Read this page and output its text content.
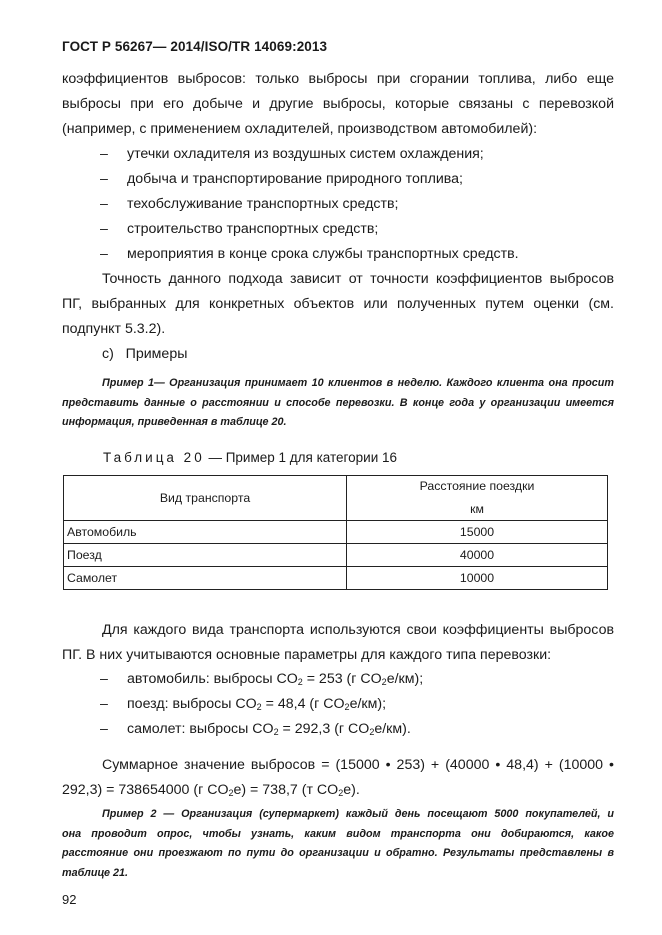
ГОСТ Р 56267— 2014/ISO/TR 14069:2013
коэффициентов выбросов: только выбросы при сгорании топлива, либо еще
выбросы при его добыче и другие выбросы, которые связаны с перевозкой
(например, с применением охладителей, производством автомобилей):
– утечки охладителя из воздушных систем охлаждения;
– добыча и транспортирование природного топлива;
– техобслуживание транспортных средств;
– строительство транспортных средств;
– мероприятия в конце срока службы транспортных средств.
Точность данного подхода зависит от точности коэффициентов выбросов
ПГ, выбранных для конкретных объектов или полученных путем оценки (см.
подпункт 5.3.2).
с) Примеры
Пример 1— Организация принимает 10 клиентов в неделю. Каждого клиента она просит
представить данные о расстоянии и способе перевозки. В конце года у организации имеется
информация, приведенная в таблице 20.
Таблица 20 — Пример 1 для категории 16
Вид транспорта	Расстояние поездки
км

Автомобиль	15000
Поезд	40000
Самолет	10000
Для каждого вида транспорта используются свои коэффициенты выбросов
ПГ. В них учитываются основные параметры для каждого типа перевозки:
– автомобиль: выбросы $CO_2 = 253$ (г $CO_2е/км$);
– поезд: выбросы $CO_2 = 48,4$ (г $CO_2е/км$);
– самолет: выбросы $CO_2 = 292,3$ (г $CO_2е/км$).
Суммарное значение выбросов = (15000 • 253) + (40000 • 48,4) + (10000 •
292,3) = 738654000 (г $CO_2е) = 738,7$ (т $CO_2е$).
Пример 2 — Организация (супермаркет) каждый день посещают 5000 покупателей, и
она проводит опрос, чтобы узнать, каким видом транспорта они добираются, какое
расстояние они проезжают по пути до организации и обратно. Результаты представлены в
таблице 21.
92
